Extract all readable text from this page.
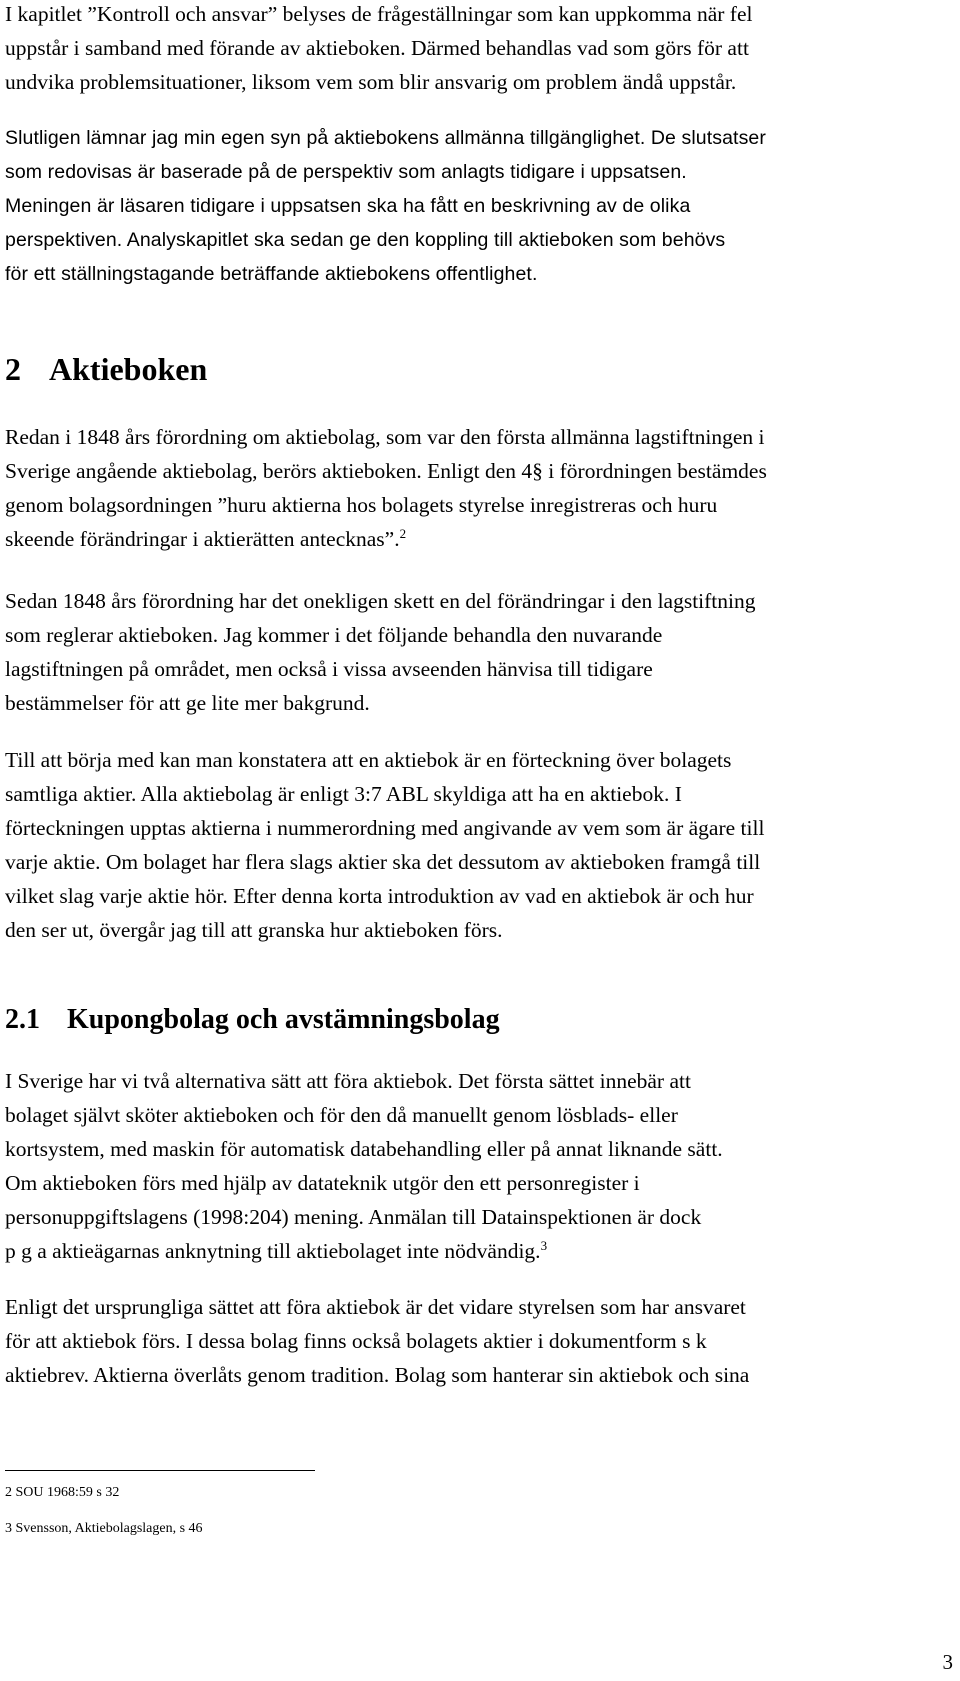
I kapitlet ”Kontroll och ansvar” belyses de frågeställningar som kan uppkomma när fel
uppstår i samband med förande av aktieboken. Därmed behandlas vad som görs för att
undvika problemsituationer, liksom vem som blir ansvarig om problem ändå uppstår.
Slutligen lämnar jag min egen syn på aktiebokens allmänna tillgänglighet. De slutsatser
som redovisas är baserade på de perspektiv som anlagts tidigare i uppsatsen.
Meningen är läsaren tidigare i uppsatsen ska ha fått en beskrivning av de olika
perspektiven. Analyskapitlet ska sedan ge den koppling till aktieboken som behövs
för ett ställningstagande beträffande aktiebokens offentlighet.
2 Aktieboken
Redan i 1848 års förordning om aktiebolag, som var den första allmänna lagstiftningen i
Sverige angående aktiebolag, berörs aktieboken. Enligt den 4§ i förordningen bestämdes
genom bolagsordningen ”huru aktierna hos bolagets styrelse inregistreras och huru
skeende förändringar i aktierätten antecknas”.$^2$
Sedan 1848 års förordning har det onekligen skett en del förändringar i den lagstiftning
som reglerar aktieboken. Jag kommer i det följande behandla den nuvarande
lagstiftningen på området, men också i vissa avseenden hänvisa till tidigare
bestämmelser för att ge lite mer bakgrund.
Till att börja med kan man konstatera att en aktiebok är en förteckning över bolagets
samtliga aktier. Alla aktiebolag är enligt 3:7 ABL skyldiga att ha en aktiebok. I
förteckningen upptas aktierna i nummerordning med angivande av vem som är ägare till
varje aktie. Om bolaget har flera slags aktier ska det dessutom av aktieboken framgå till
vilket slag varje aktie hör. Efter denna korta introduktion av vad en aktiebok är och hur
den ser ut, övergår jag till att granska hur aktieboken förs.
2.1 Kupongbolag och avstämningsbolag
I Sverige har vi två alternativa sätt att föra aktiebok. Det första sättet innebär att
bolaget självt sköter aktieboken och för den då manuellt genom lösblads- eller
kortsystem, med maskin för automatisk databehandling eller på annat liknande sätt.
Om aktieboken förs med hjälp av datateknik utgör den ett personregister i
personuppgiftslagens (1998:204) mening. Anmälan till Datainspektionen är dock
p g a aktieägarnas anknytning till aktiebolaget inte nödvändig.$^3$
Enligt det ursprungliga sättet att föra aktiebok är det vidare styrelsen som har ansvaret
för att aktiebok förs. I dessa bolag finns också bolagets aktier i dokumentform s k
aktiebrev. Aktierna överlåts genom tradition. Bolag som hanterar sin aktiebok och sina
2 SOU 1968:59 s 32
3 Svensson, Aktiebolagslagen, s 46
3
